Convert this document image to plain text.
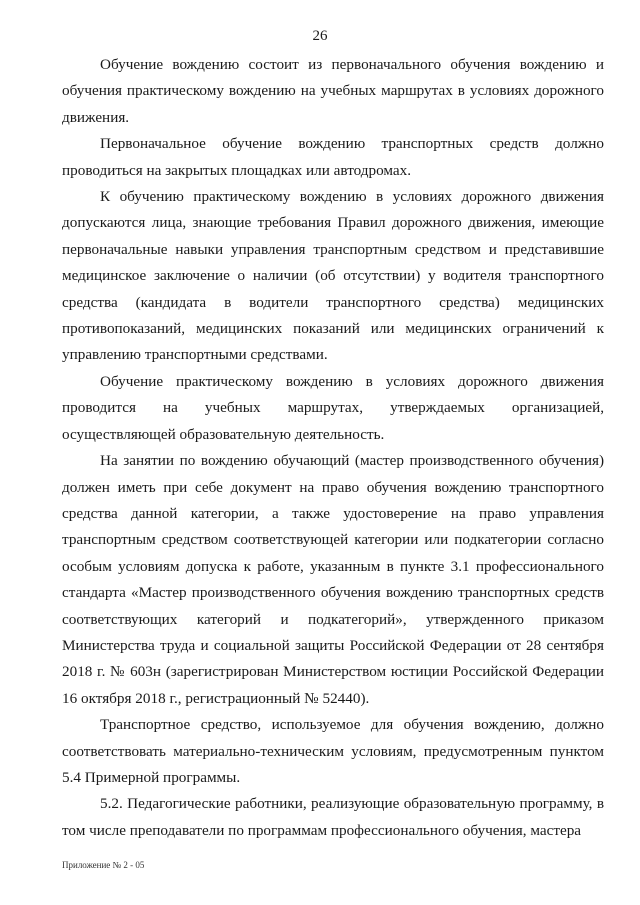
26

Обучение вождению состоит из первоначального обучения вождению и обучения практическому вождению на учебных маршрутах в условиях дорожного движения.

Первоначальное обучение вождению транспортных средств должно проводиться на закрытых площадках или автодромах.

К обучению практическому вождению в условиях дорожного движения допускаются лица, знающие требования Правил дорожного движения, имеющие первоначальные навыки управления транспортным средством и представившие медицинское заключение о наличии (об отсутствии) у водителя транспортного средства (кандидата в водители транспортного средства) медицинских противопоказаний, медицинских показаний или медицинских ограничений к управлению транспортными средствами.

Обучение практическому вождению в условиях дорожного движения проводится на учебных маршрутах, утверждаемых организацией, осуществляющей образовательную деятельность.

На занятии по вождению обучающий (мастер производственного обучения) должен иметь при себе документ на право обучения вождению транспортного средства данной категории, а также удостоверение на право управления транспортным средством соответствующей категории или подкатегории согласно особым условиям допуска к работе, указанным в пункте 3.1 профессионального стандарта «Мастер производственного обучения вождению транспортных средств соответствующих категорий и подкатегорий», утвержденного приказом Министерства труда и социальной защиты Российской Федерации от 28 сентября 2018 г. № 603н (зарегистрирован Министерством юстиции Российской Федерации 16 октября 2018 г., регистрационный № 52440).

Транспортное средство, используемое для обучения вождению, должно соответствовать материально-техническим условиям, предусмотренным пунктом 5.4 Примерной программы.

5.2. Педагогические работники, реализующие образовательную программу, в том числе преподаватели по программам профессионального обучения, мастера

Приложение № 2 - 05
